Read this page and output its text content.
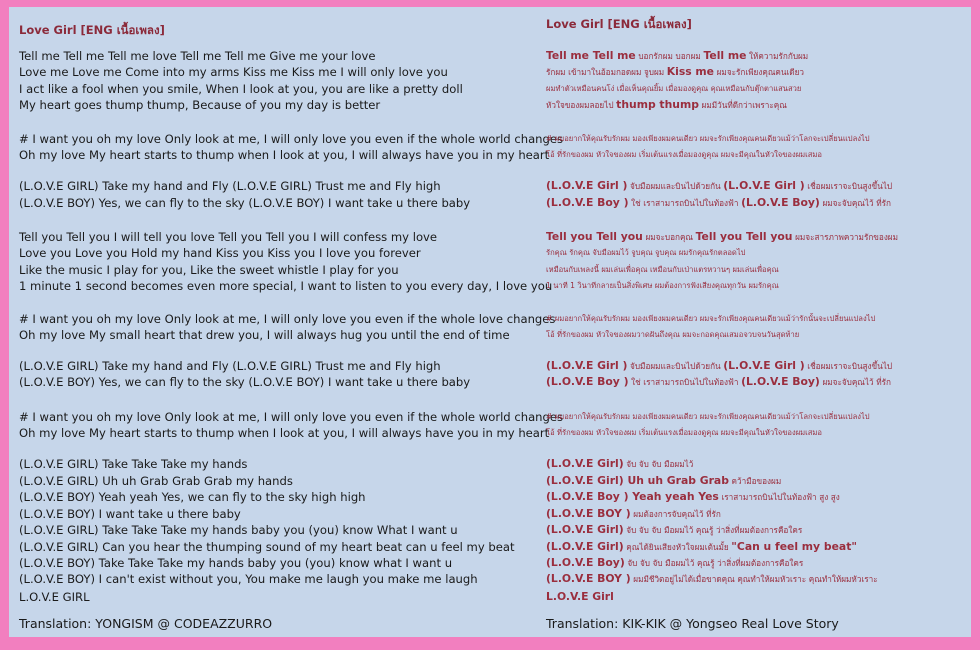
Love Girl [ENG เนื้อเพลง]
Translation: YONGISM @ CODEAZZURRO
Tell me Tell me Tell me love Tell me Tell me Give me your love
Love me Love me Come into my arms Kiss me Kiss me I will only love you
I act like a fool when you smile, When I look at you, you are like a pretty doll
My heart goes thump thump, Because of you my day is better
# I want you oh my love Only look at me, I will only love you even if the whole world changes
Oh my love My heart starts to thump when I look at you, I will always have you in my heart
(L.O.V.E GIRL) Take my hand and Fly (L.O.V.E GIRL) Trust me and Fly high
(L.O.V.E BOY) Yes, we can fly to the sky (L.O.V.E BOY) I want take u there baby
Tell you Tell you I will tell you love Tell you Tell you I will confess my love
Love you Love you Hold my hand Kiss you Kiss you I love you forever
Like the music I play for you, Like the sweet whistle I play for you
1 minute 1 second becomes even more special, I want to listen to you every day, I love you
# I want you oh my love Only look at me, I will only love you even if the whole love changes
Oh my love My small heart that drew you, I will always hug you until the end of time
(L.O.V.E GIRL) Take my hand and Fly (L.O.V.E GIRL) Trust me and Fly high
(L.O.V.E BOY) Yes, we can fly to the sky (L.O.V.E BOY) I want take u there baby
# I want you oh my love Only look at me, I will only love you even if the whole world changes
Oh my love My heart starts to thump when I look at you, I will always have you in my heart
(L.O.V.E GIRL) Take Take Take my hands
(L.O.V.E GIRL) Uh uh Grab Grab Grab my hands
(L.O.V.E BOY) Yeah yeah Yes, we can fly to the sky high high
(L.O.V.E BOY) I want take u there baby
(L.O.V.E GIRL) Take Take Take my hands baby you (you) know What I want u
(L.O.V.E GIRL) Can you hear the thumping sound of my heart beat can u feel my beat
(L.O.V.E BOY) Take Take Take my hands baby you (you) know what I want u
(L.O.V.E BOY) I can't exist without you, You make me laugh you make me laugh
L.O.V.E GIRL
Love Girl [ENG เนื้อเพลง]
Translation: KIK-KIK @ Yongseo Real Love Story
Tell me Tell me บอกรักผม บอกผม Tell me ให้ความรักกับผม
รักผม เข้ามาในอ้อมกอดผม จูบผม Kiss me ผมจะรักเพียงคุณคนเดียว
ผมทำตัวเหมือนคนโง่ เมื่อเห็นคุณยิ้ม เมื่อมองดูคุณ คุณเหมือนกับตุ๊กตาแสนสวย
หัวใจของผมลอยไป thump thump ผมมีวันที่ดีกว่าเพราะคุณ
# ผมอยากให้คุณรับรักผม มองเพียงผมคนเดียว ผมจะรักเพียงคุณคนเดียวแม้ว่าโลกจะเปลี่ยนแปลงไป
โอ้ ที่รักของผม หัวใจของผม เริ่มเต้นแรงเมื่อมองดูคุณ ผมจะมีคุณในหัวใจของผมเสมอ
(L.O.V.E Girl ) จับมือผมและบินไปด้วยกัน (L.O.V.E Girl ) เชื่อผมเราจะบินสูงขึ้นไป
(L.O.V.E Boy ) ใช่ เราสามารถบินไปในท้องฟ้า (L.O.V.E Boy) ผมจะจับคุณไว้ ที่รัก
Tell you Tell you ผมจะบอกคุณ Tell you Tell you ผมจะสารภาพความรักของผม
รักคุณ รักคุณ จับมือผมไว้ จูบคุณ จูบคุณ ผมรักคุณรักตลอดไป
เหมือนกับเพลงนี้ ผมเล่นเพื่อคุณ เหมือนกับเป่าแตรหวานๆ ผมเล่นเพื่อคุณ
1 นาที 1 วินาทีกลายเป็นสิ่งพิเศษ ผมต้องการฟังเสียงคุณทุกวัน ผมรักคุณ
# ผมอยากให้คุณรับรักผม มองเพียงผมคนเดียว ผมจะรักเพียงคุณคนเดียวแม้ว่ารักนั้นจะเปลี่ยนแปลงไป
โอ้ ที่รักของผม หัวใจของผมวาดฝันถึงคุณ ผมจะกอดคุณเสมอจวบจนวันสุดท้าย
(L.O.V.E Girl ) จับมือผมและบินไปด้วยกัน (L.O.V.E Girl ) เชื่อผมเราจะบินสูงขึ้นไป
(L.O.V.E Boy ) ใช่ เราสามารถบินไปในท้องฟ้า (L.O.V.E Boy) ผมจะจับคุณไว้ ที่รัก
# ผมอยากให้คุณรับรักผม มองเพียงผมคนเดียว ผมจะรักเพียงคุณคนเดียวแม้ว่าโลกจะเปลี่ยนแปลงไป
โอ้ ที่รักของผม หัวใจของผม เริ่มเต้นแรงเมื่อมองดูคุณ ผมจะมีคุณในหัวใจของผมเสมอ
(L.O.V.E Girl) จับ จับ จับ มือผมไว้
(L.O.V.E Girl) Uh uh Grab Grab คว้ามือของผม
(L.O.V.E Boy ) Yeah yeah Yes เราสามารถบินไปในท้องฟ้า สูง สูง
(L.O.V.E BOY ) ผมต้องการจับคุณไว้ ที่รัก
(L.O.V.E Girl) จับ จับ จับ มือผมไว้ คุณรู้ ว่าสิ่งที่ผมต้องการคือใคร
(L.O.V.E Girl) คุณได้ยินเสียงหัวใจผมเต้นมั้ย "Can u feel my beat"
(L.O.V.E Boy) จับ จับ จับ มือผมไว้ คุณรู้ ว่าสิ่งที่ผมต้องการคือใคร
(L.O.V.E BOY ) ผมมีชีวิตอยู่ไม่ได้เมื่อขาดคุณ คุณทำให้ผมหัวเราะ คุณทำให้ผมหัวเราะ
L.O.V.E Girl
